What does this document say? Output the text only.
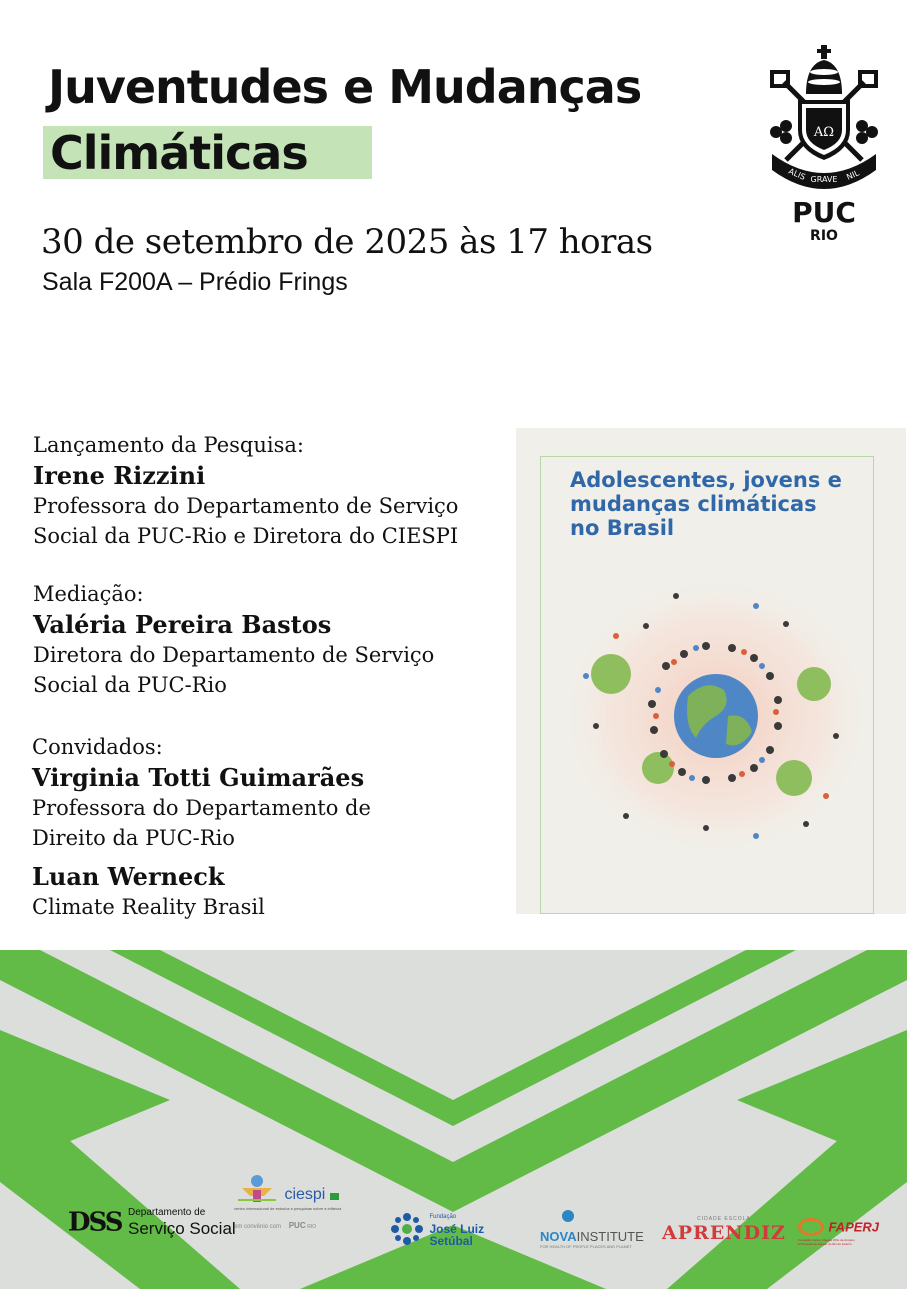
Juventudes e Mudanças
Climáticas
30 de setembro de 2025 às 17 horas
Sala F200A – Prédio Frings
AΩ
ALIS GRAVE NIL
PUC
RIO
Lançamento da Pesquisa:
Irene Rizzini
Professora do Departamento de Serviço
Social da PUC-Rio e Diretora do CIESPI
Mediação:
Valéria Pereira Bastos
Diretora do Departamento de Serviço
Social da PUC-Rio
Convidados:
Virginia Totti Guimarães
Professora do Departamento de
Direito da PUC-Rio
Luan Werneck
Climate Reality Brasil
Adolescentes, jovens e
mudanças climáticas
no Brasil
DSS Departamento de
Serviço Social
ciespi
centro internacional de estudos e pesquisas sobre a infância
em convênio com PUC RIO

Fundação
José Luiz
Setúbal	NOVAINSTITUTE
FOR HEALTH OF PEOPLE PLACES AND PLANET
CIDADE ESCOLA
APRENDIZ	FAPERJ
Fundação Carlos Chagas Filho de Amparo
à Pesquisa do Estado do Rio de Janeiro
